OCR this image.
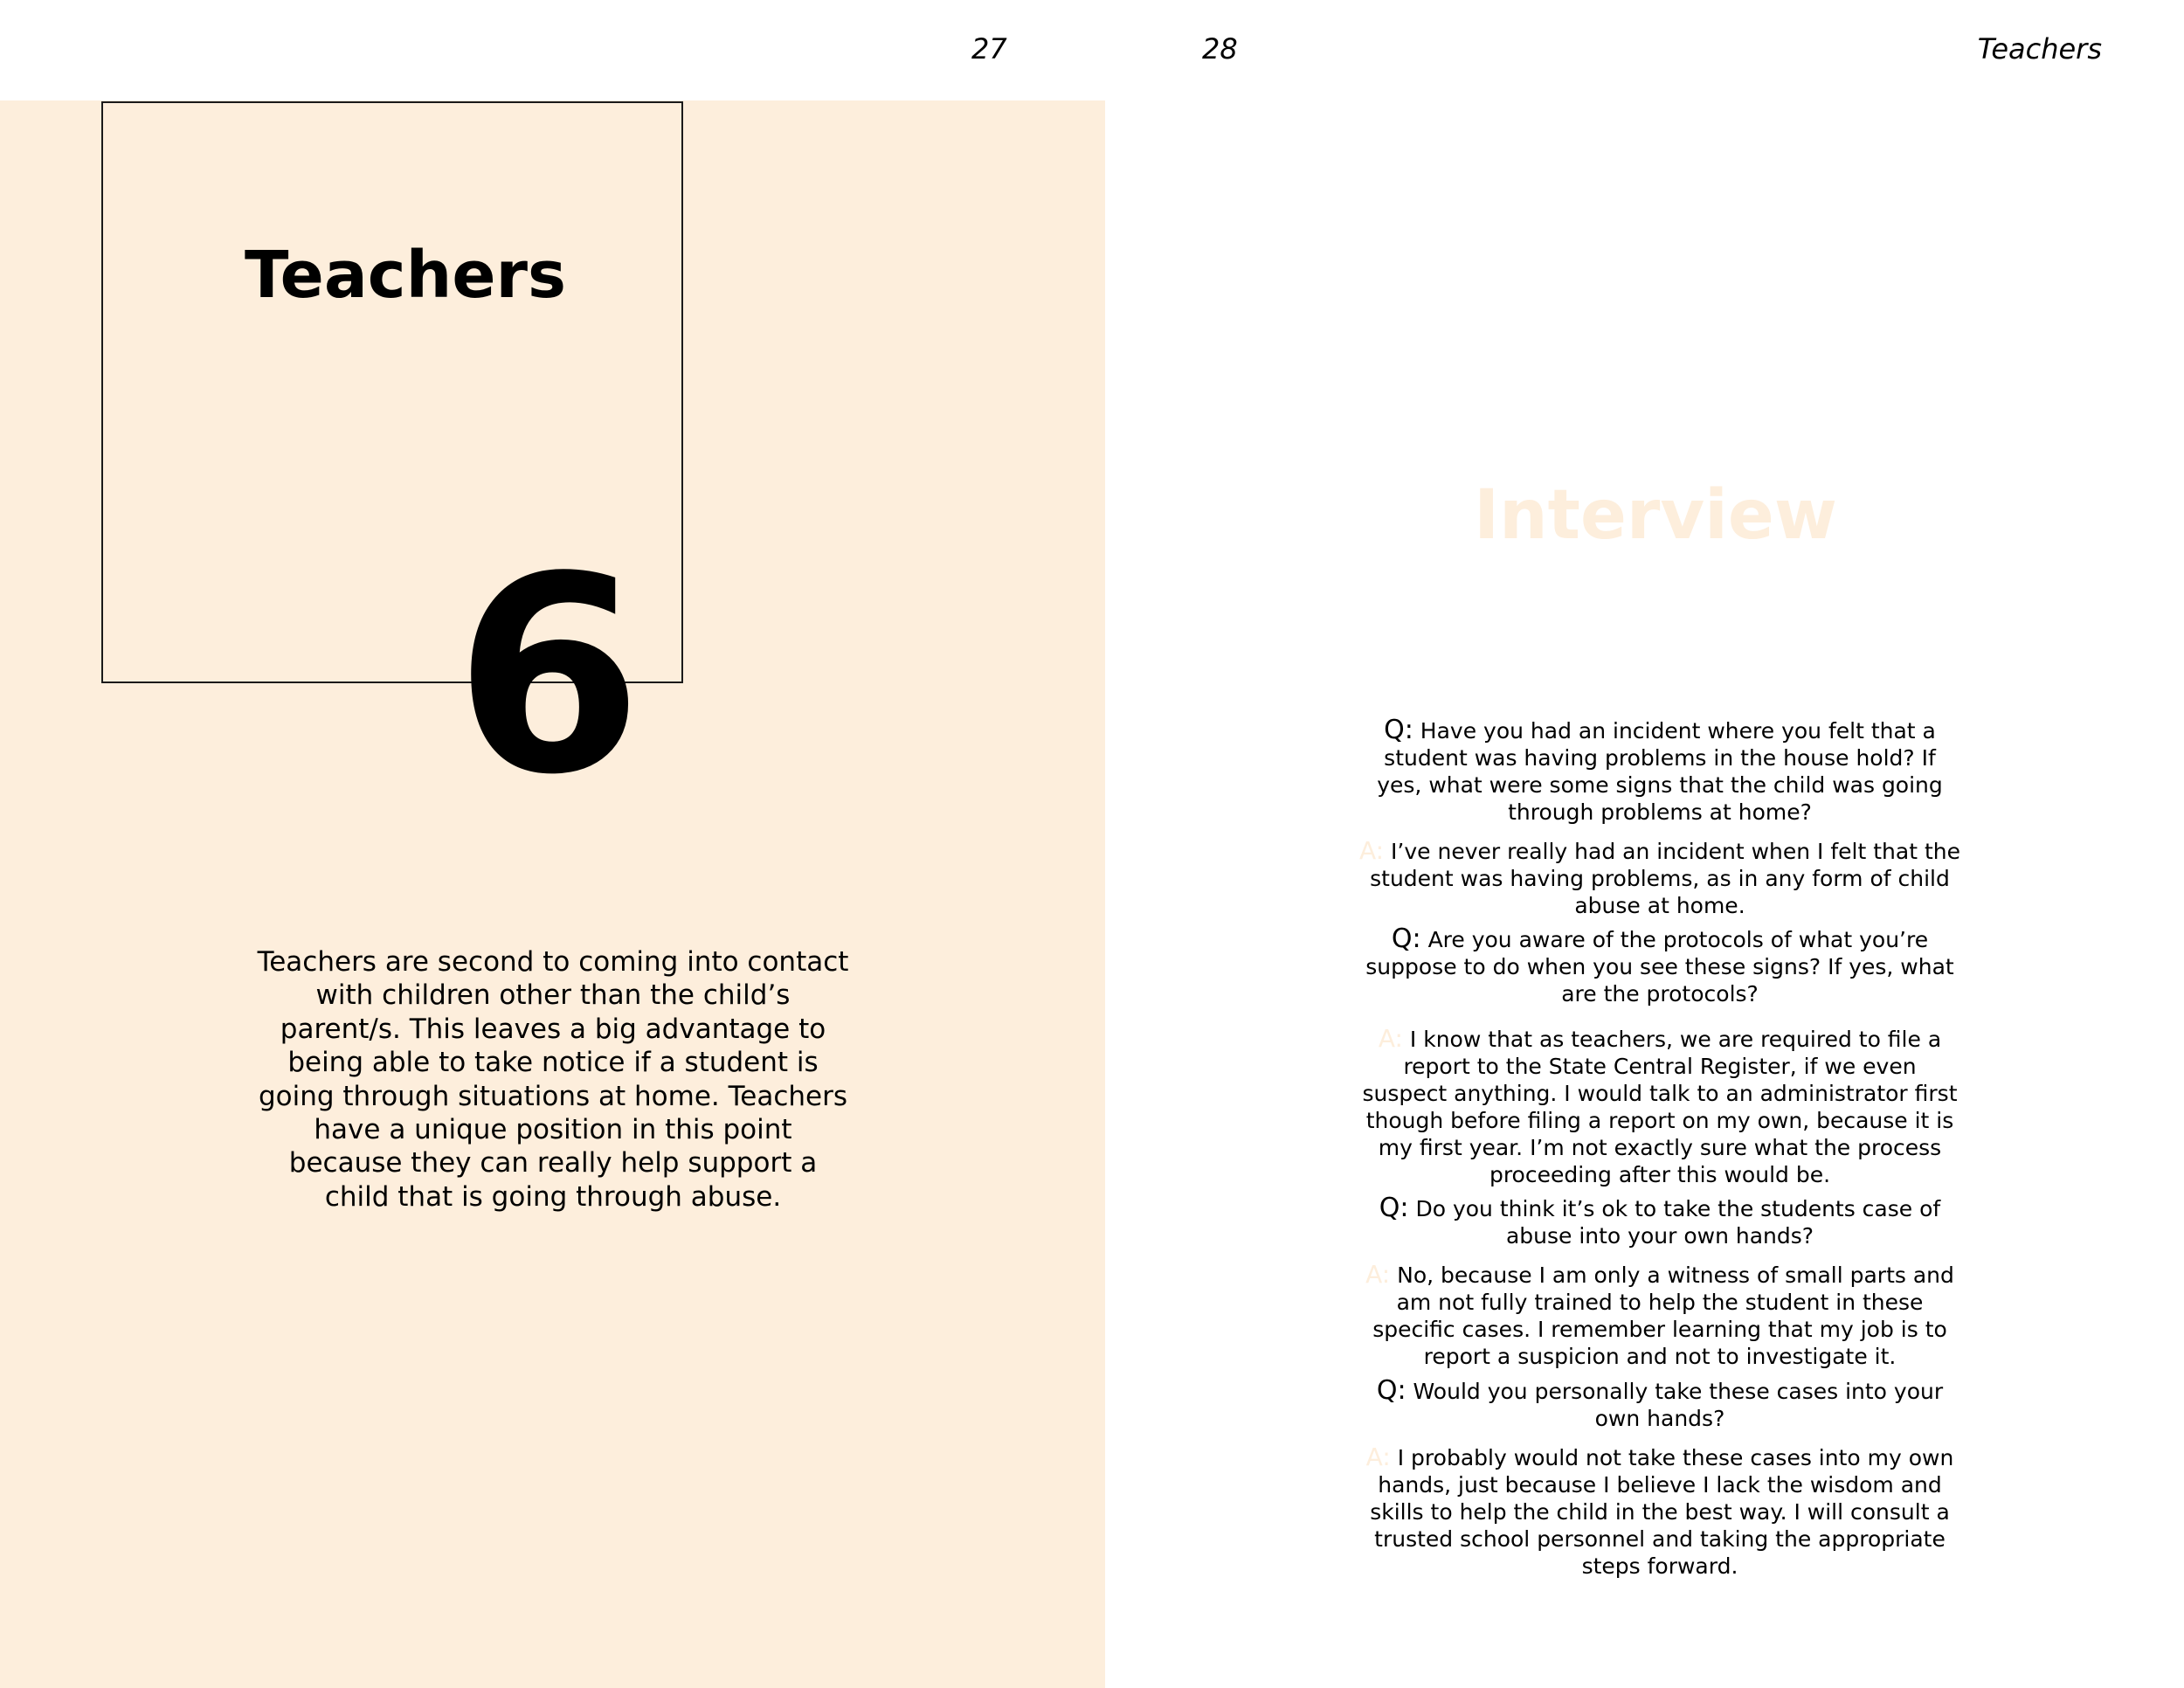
27	28	Teachers
Teachers
6
Teachers are second to coming into contact with children other than the child’s parent/s. This leaves a big advantage to being able to take notice if a student is going through situations at home. Teachers have a unique position in this point because they can really help support a child that is going through abuse.
Interview
Q: Have you had an incident where you felt that a student was having problems in the house hold? If yes, what were some signs that the child was going through problems at home?
A: I’ve never really had an incident when I felt that the student was having problems, as in any form of child abuse at home.
Q: Are you aware of the protocols of what you’re suppose to do when you see these signs? If yes, what are the protocols?
A: I know that as teachers, we are required to file a report to the State Central Register, if we even suspect anything. I would talk to an administrator first though before filing a report on my own, because it is my first year. I’m not exactly sure what the process proceeding after this would be.
Q: Do you think it’s ok to take the students case of abuse into your own hands?
A: No, because I am only a witness of small parts and am not fully trained to help the student in these specific cases. I remember learning that my job is to report a suspicion and not to investigate it.
Q: Would you personally take these cases into your own hands?
A: I probably would not take these cases into my own hands, just because I believe I lack the wisdom and skills to help the child in the best way. I will consult a trusted school personnel and taking the appropriate steps forward.
